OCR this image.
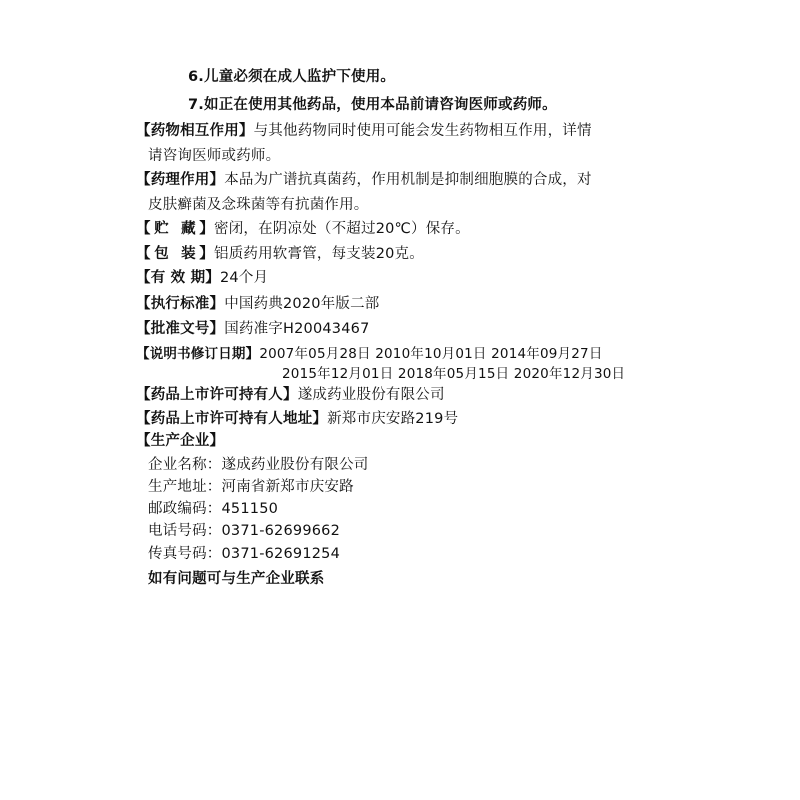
6.儿童必须在成人监护下使用。
7.如正在使用其他药品，使用本品前请咨询医师或药师。
【药物相互作用】与其他药物同时使用可能会发生药物相互作用，详情
请咨询医师或药师。
【药理作用】本品为广谱抗真菌药，作用机制是抑制细胞膜的合成，对
皮肤癣菌及念珠菌等有抗菌作用。
【贮 藏】密闭，在阴凉处（不超过20℃）保存。
【包 装】铝质药用软膏管，每支装20克。
【有 效 期】24个月
【执行标准】中国药典2020年版二部
【批准文号】国药准字H20043467
【说明书修订日期】2007年05月28日 2010年10月01日 2014年09月27日
2015年12月01日 2018年05月15日 2020年12月30日
【药品上市许可持有人】遂成药业股份有限公司
【药品上市许可持有人地址】新郑市庆安路219号
【生产企业】
企业名称：遂成药业股份有限公司
生产地址：河南省新郑市庆安路
邮政编码：451150
电话号码：0371-62699662
传真号码：0371-62691254
如有问题可与生产企业联系
